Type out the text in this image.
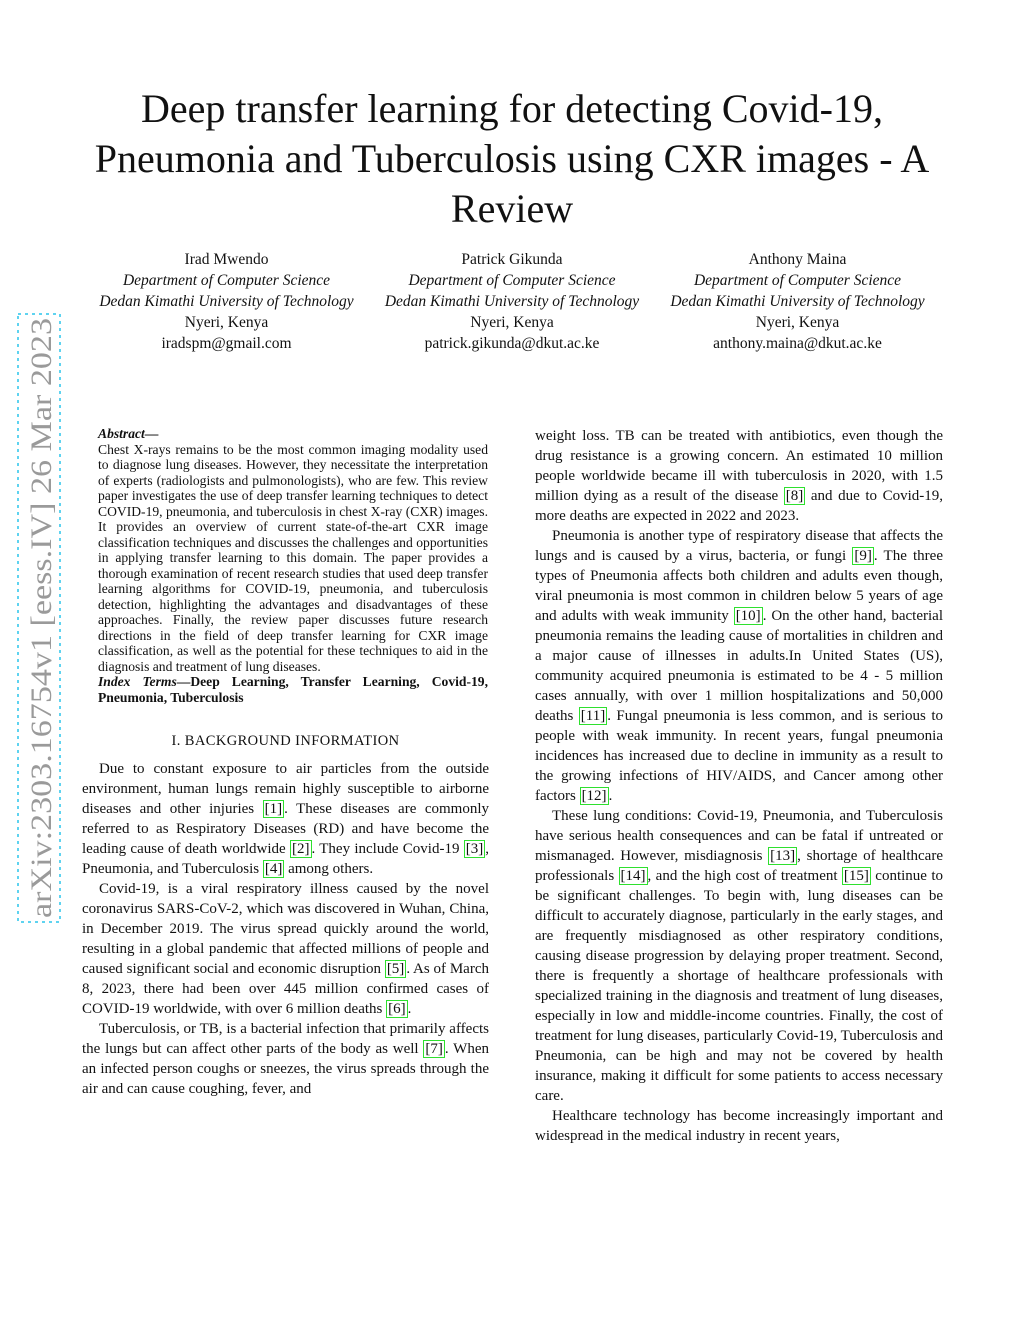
arXiv:2303.16754v1 [eess.IV] 26 Mar 2023
Deep transfer learning for detecting Covid-19,
Pneumonia and Tuberculosis using CXR images - A
Review
Irad Mwendo
Department of Computer Science
Dedan Kimathi University of Technology
Nyeri, Kenya
iradspm@gmail.com
Patrick Gikunda
Department of Computer Science
Dedan Kimathi University of Technology
Nyeri, Kenya
patrick.gikunda@dkut.ac.ke
Anthony Maina
Department of Computer Science
Dedan Kimathi University of Technology
Nyeri, Kenya
anthony.maina@dkut.ac.ke
Abstract—
Chest X-rays remains to be the most common imaging modality used to diagnose lung diseases. However, they necessitate the interpretation of experts (radiologists and pulmonologists), who are few. This review paper investigates the use of deep transfer learning techniques to detect COVID-19, pneumonia, and tuberculosis in chest X-ray (CXR) images. It provides an overview of current state-of-the-art CXR image classification techniques and discusses the challenges and opportunities in applying transfer learning to this domain. The paper provides a thorough examination of recent research studies that used deep transfer learning algorithms for COVID-19, pneumonia, and tuberculosis detection, highlighting the advantages and disadvantages of these approaches. Finally, the review paper discusses future research directions in the field of deep transfer learning for CXR image classification, as well as the potential for these techniques to aid in the diagnosis and treatment of lung diseases.
Index Terms—Deep Learning, Transfer Learning, Covid-19, Pneumonia, Tuberculosis
I. BACKGROUND INFORMATION

Due to constant exposure to air particles from the outside environment, human lungs remain highly susceptible to airborne diseases and other injuries [1] . These diseases are commonly referred to as Respiratory Diseases (RD) and have become the leading cause of death worldwide [2] . They include Covid-19 [3] , Pneumonia, and Tuberculosis [4] among others.

Covid-19, is a viral respiratory illness caused by the novel coronavirus SARS-CoV-2, which was discovered in Wuhan, China, in December 2019. The virus spread quickly around the world, resulting in a global pandemic that affected millions of people and caused significant social and economic disruption [5] . As of March 8, 2023, there had been over 445 million confirmed cases of COVID-19 worldwide, with over 6 million deaths [6] .

Tuberculosis, or TB, is a bacterial infection that primarily affects the lungs but can affect other parts of the body as well [7] . When an infected person coughs or sneezes, the virus spreads through the air and can cause coughing, fever, and

weight loss. TB can be treated with antibiotics, even though the drug resistance is a growing concern. An estimated 10 million people worldwide became ill with tuberculosis in 2020, with 1.5 million dying as a result of the disease [8] and due to Covid-19, more deaths are expected in 2022 and 2023.

Pneumonia is another type of respiratory disease that affects the lungs and is caused by a virus, bacteria, or fungi [9] . The three types of Pneumonia affects both children and adults even though, viral pneumonia is most common in children below 5 years of age and adults with weak immunity [10] . On the other hand, bacterial pneumonia remains the leading cause of mortalities in children and a major cause of illnesses in adults.In United States (US), community acquired pneumonia is estimated to be 4 - 5 million cases annually, with over 1 million hospitalizations and 50,000 deaths [11] . Fungal pneumonia is less common, and is serious to people with weak immunity. In recent years, fungal pneumonia incidences has increased due to decline in immunity as a result to the growing infections of HIV/AIDS, and Cancer among other factors [12] .

These lung conditions: Covid-19, Pneumonia, and Tuberculosis have serious health consequences and can be fatal if untreated or mismanaged. However, misdiagnosis [13] , shortage of healthcare professionals [14] , and the high cost of treatment [15] continue to be significant challenges. To begin with, lung diseases can be difficult to accurately diagnose, particularly in the early stages, and are frequently misdiagnosed as other respiratory conditions, causing disease progression by delaying proper treatment. Second, there is frequently a shortage of healthcare professionals with specialized training in the diagnosis and treatment of lung diseases, especially in low and middle-income countries. Finally, the cost of treatment for lung diseases, particularly Covid-19, Tuberculosis and Pneumonia, can be high and may not be covered by health insurance, making it difficult for some patients to access necessary care.

Healthcare technology has become increasingly important and widespread in the medical industry in recent years,
